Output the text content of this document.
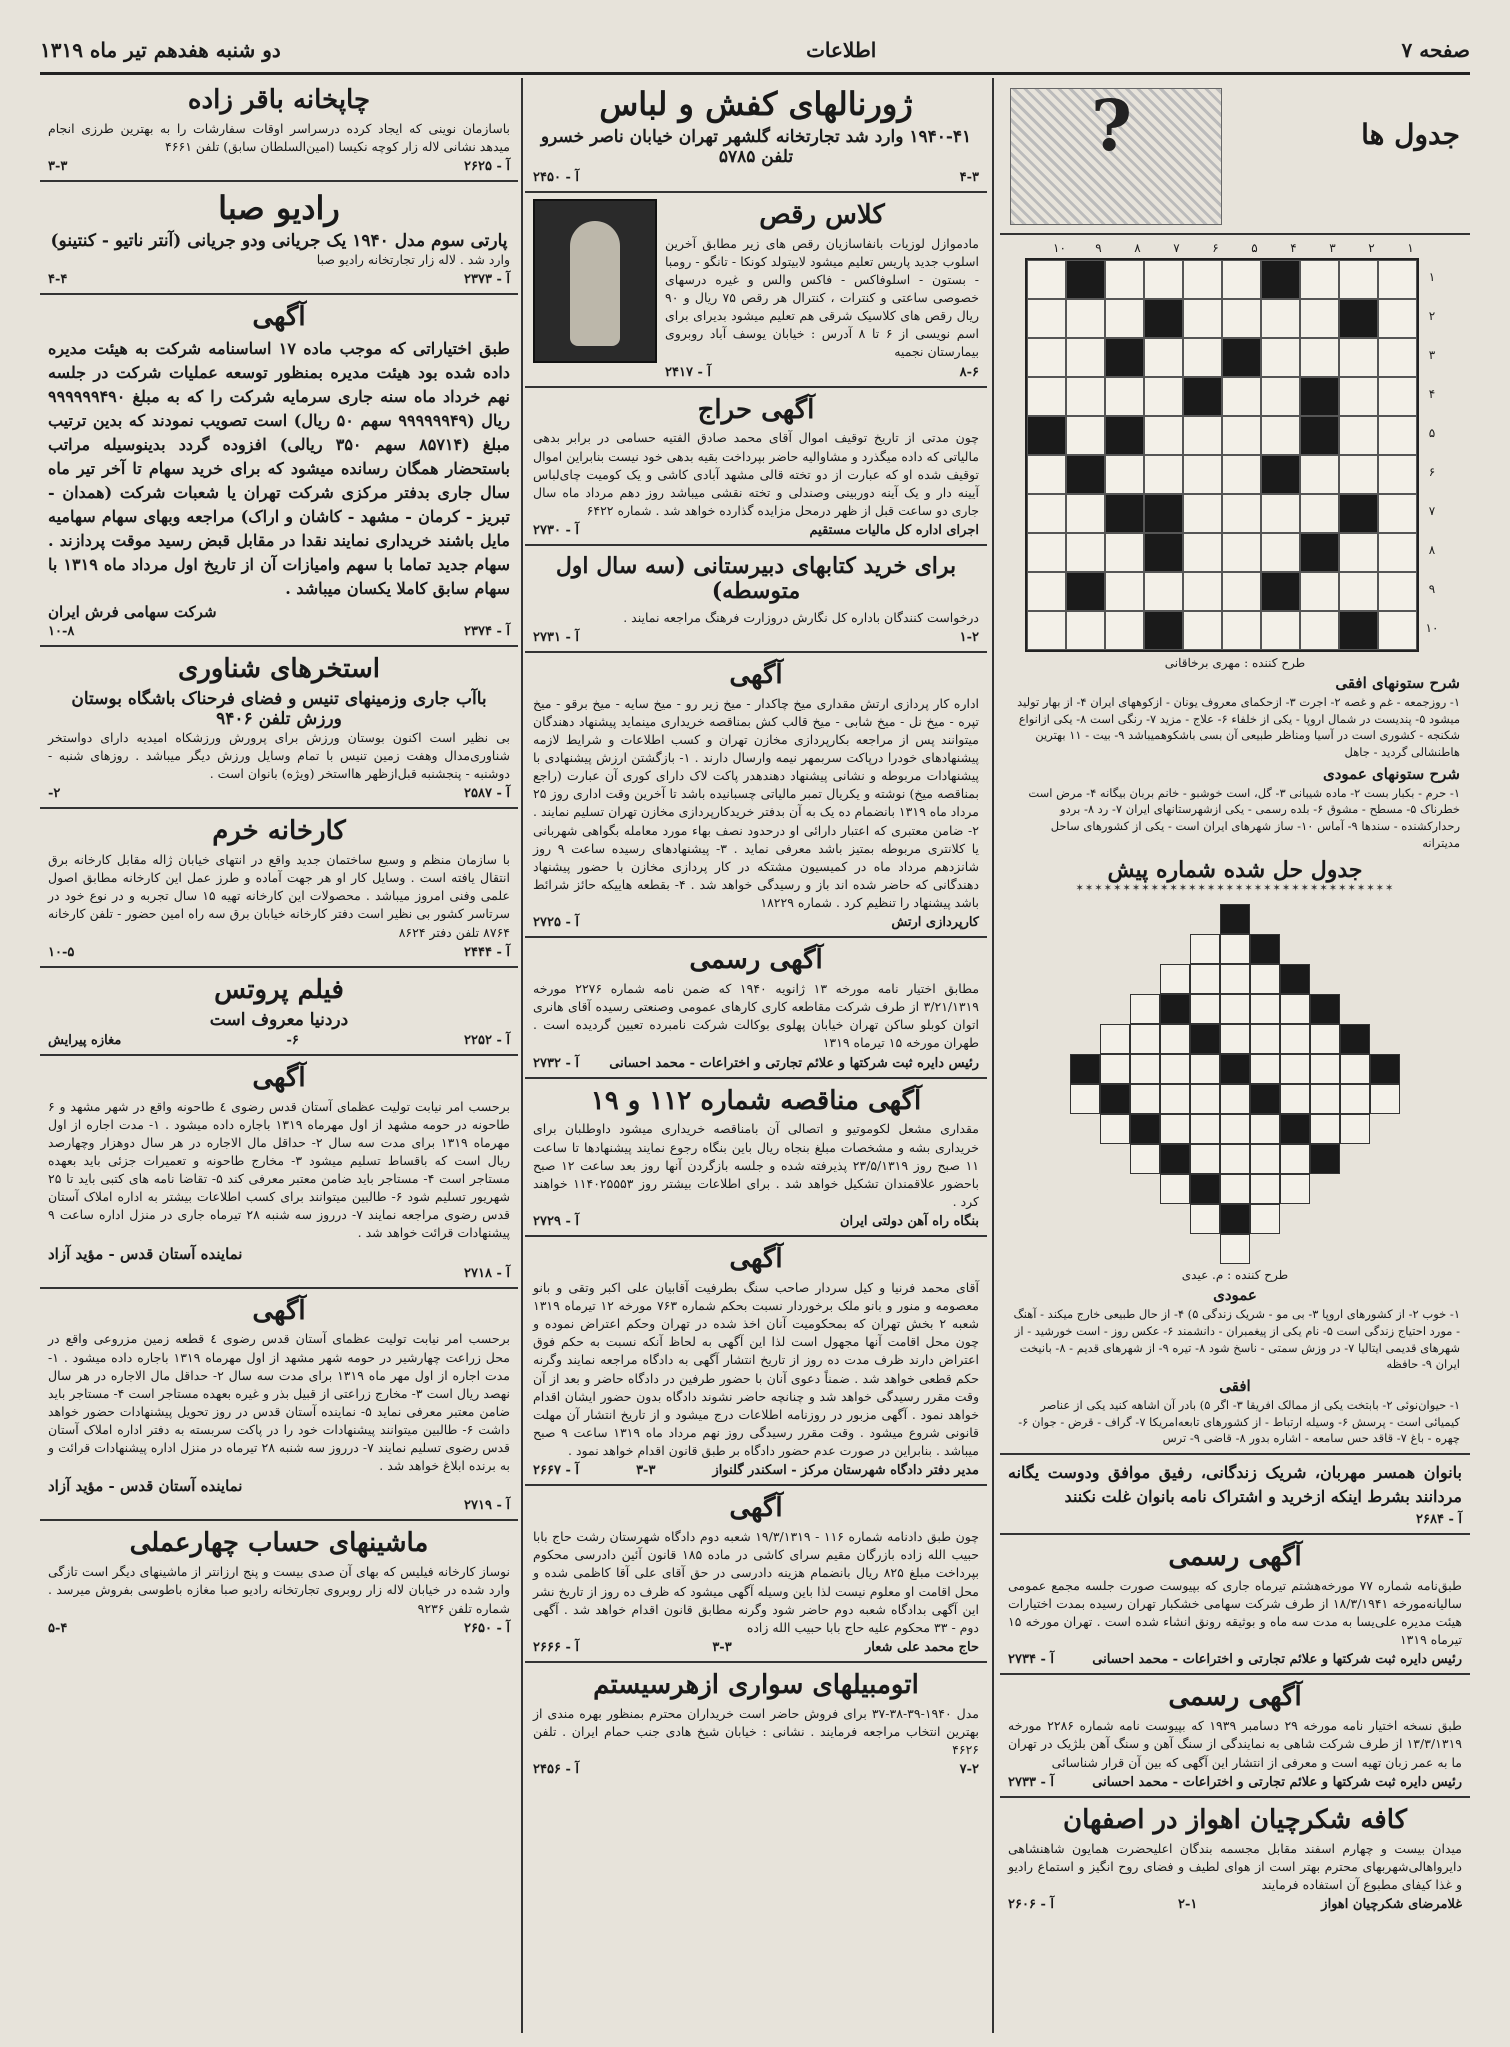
صفحه ۷
اطلاعات
دو شنبه هفدهم تیر ماه ۱۳۱۹
جدول ها
?
۱
۲
۳
۴
۵
۶
۷
۸
۹
۱۰
۱
۲
۳
۴
۵
۶
۷
۸
۹
۱۰
طرح کننده : مهری برخاقانی
شرح ستونهای افقی
۱- روزجمعه - غم و غصه ۲- اجرت ۳- ازحکمای معروف یونان - ازکوههای ایران ۴- از بهار تولید میشود ۵- پندیست در شمال اروپا - یکی از خلفاء ۶- علاج - مزید ۷- رنگی است ۸- یکی ازانواع شکنجه - کشوری است در آسیا ومناظر طبیعی آن بسی باشکوهمیباشد ۹- بیت - ۱۱ بهترین هاطنشالی گردید - جاهل
شرح ستونهای عمودی
۱- حرم - بکبار بست ۲- ماده شیبانی ۳- گل، است خوشبو - خانم بربان بیگانه ۴- مرض است خطرناک ۵- مسطح - مشوق ۶- بلده رسمی - یکی ازشهرستانهای ایران ۷- رد ۸- بردو رحدارکشنده - سندها ۹- آماس ۱۰- ساز شهرهای ایران است - یکی از کشورهای ساحل مدیترانه
جدول حل شده شماره پیش
✶✶✶✶✶✶✶✶✶✶✶✶✶✶✶✶✶✶✶✶✶✶✶✶✶✶✶✶✶✶✶✶✶✶
طرح کننده : م. عیدی
عمودی
۱- خوب ۲- از کشورهای اروپا ۳- بی مو - شریک زندگی ۵) ۴- از حال طبیعی خارج میکند - آهنگ - مورد احتیاج زندگی است ۵- نام یکی از پیغمبران - دانشمند ۶- عکس روز - است خورشید - از شهرهای قدیمی ایتالیا ۷- در وزش سمتی - ناسخ شود ۸- تیره ۹- از شهرهای قدیم - ۸- بانیخت ایران ۹- حافظه
افقی
۱- حیوان‌نوئی ۲- بابتخت یکی از ممالک افریقا ۳- اگر ۵) بادر آن اشاهه کنید یکی از عناصر کیمیائی است - پرسش ۶- وسیله ارتباط - از کشورهای تابعه‌امریکا ۷- گراف - قرض - جوان ۶- چهره - باغ ۷- قاقد حس سامعه - اشاره بدور ۸- قاضی ۹- ترس
بانوان همسر مهربان، شریک زندگانی، رفیق موافق ودوست یگانه مردانند بشرط اینکه ازخرید و اشتراک نامه بانوان غلت نکنند
آ - ۲۶۸۴
آگهی رسمی
طبق‌نامه شماره ۷۷ مورخه‌هشتم تیرماه جاری که بپیوست صورت جلسه مجمع عمومی سالیانه‌مورخه ۱۸/۳/۱۹۴۱ از طرف شرکت سهامی خشکبار تهران رسیده بمدت اختیارات هیئت مدیره علی‌یسا به مدت سه ماه و بوثیقه رونق انشاء شده است . تهران مورخه ۱۵ تیرماه ۱۳۱۹
رئیس دایره ثبت شرکتها و علائم تجارتی و اختراعات - محمد احسانی
آ - ۲۷۳۴
آگهی رسمی
طبق نسخه اختیار نامه مورخه ۲۹ دسامبر ۱۹۳۹ که بپیوست نامه شماره ۲۲۸۶ مورخه ۱۳/۳/۱۳۱۹ از طرف شرکت شاهی به نمایندگی از سنگ آهن و سنگ آهن بلژیک در تهران ما به عمر زبان تهیه است و معرفی از انتشار این آگهی که بین آن قرار شناسائی
رئیس دایره ثبت شرکتها و علائم تجارتی و اختراعات - محمد احسانی
آ - ۲۷۳۳
کافه شکرچیان اهواز در اصفهان
میدان بیست و چهارم اسفند مقابل مجسمه بندگان اعلیحضرت همایون شاهنشاهی دایرواهالی‌شهربهای محترم بهتر است از هوای لطیف و فضای روح انگیز و استماع رادیو و غذا کیفای مطبوع آن استفاده فرمایند
غلامرضای شکرچیان اهواز
۲-۱
آ - ۲۶۰۶
ژورنالهای کفش و لباس
۱۹۴۰-۴۱ وارد شد تجارتخانه گلشهر تهران خیابان ناصر خسرو تلفن ۵۷۸۵
۴-۳
آ - ۲۴۵۰
کلاس رقص
مادموازل لوزیات بانفاسازیان رقص های زیر مطابق آخرین اسلوب جدید پاریس تعلیم میشود لابیتولد کونکا - تانگو - رومبا - بستون - اسلوفاکس - فاکس والس و غیره درسهای خصوصی ساعتی و کنترات ، کنترال هر رقص ۷۵ ریال و ۹۰ ریال رقص های کلاسیک شرقی هم تعلیم میشود بدیرای برای اسم نویسی از ۶ تا ۸ آدرس : خیابان یوسف آباد روبروی بیمارستان نجمیه
۸-۶
آ - ۲۴۱۷
آگهی حراج
چون مدتی از تاریخ توقیف اموال آقای محمد صادق الفتیه حسامی در برابر بدهی مالیاتی که داده میگذرد و مشاوالیه حاضر بپرداخت بقیه بدهی خود نیست بنابراین اموال توقیف شده او که عبارت از دو تخته قالی مشهد آبادی کاشی و یک کومیت چای‌لباس آیینه دار و یک آینه دوربینی وصندلی و تخته نقشی میباشد روز دهم مرداد ماه سال جاری دو ساعت قبل از ظهر درمحل مزایده گذارده خواهد شد . شماره ۶۴۲۲
اجرای اداره کل مالیات مستقیم
آ - ۲۷۳۰
برای خرید کتابهای دبیرستانی (سه سال اول متوسطه)
درخواست کنندگان باداره کل نگارش دروزارت فرهنگ مراجعه نمایند .
۱-۲
آ - ۲۷۳۱
آگهی
اداره کار پردازی ارتش مقداری میخ چاکدار - میخ زیر رو - میخ سایه - میخ برقو - میخ تپره - میخ نل - میخ شابی - میخ قالب کش بمناقصه خریداری مینماید پیشنهاد دهندگان میتوانند پس از مراجعه بکارپردازی مخازن تهران و کسب اطلاعات و شرایط لازمه پیشنهادهای خودرا درپاکت سربمهر نیمه وارسال دارند . ۱- بازگشتن ارزش پیشنهادی با پیشنهادات مربوطه و نشانی پیشنهاد دهندهدر پاکت لاک دارای کوری آن عبارت (راجع بمناقصه میخ) نوشته و یکریال تمبر مالیاتی چسبانیده باشد تا آخرین وقت اداری روز ۲۵ مرداد ماه ۱۳۱۹ بانضمام ده یک به آن بدفتر خریدکارپردازی مخازن تهران تسلیم نمایند . ۲- ضامن معتبری که اعتبار دارائی او درحدود نصف بهاء مورد معامله بگواهی شهربانی یا کلانتری مربوطه بمتیز باشد معرفی نماید . ۳- پیشنهادهای رسیده ساعت ۹ روز شانزدهم مرداد ماه در کمیسیون مشتکه در کار پردازی مخازن با حضور پیشنهاد دهندگانی که حاضر شده اند باز و رسیدگی خواهد شد . ۴- بقطعه هاییکه حائز شرائط باشد پیشنهاد را تنظیم کرد . شماره ۱۸۲۲۹
کارپردازی ارتش
آ - ۲۷۲۵
آگهی رسمی
مطابق اختیار نامه مورخه ۱۳ ژانویه ۱۹۴۰ که ضمن نامه شماره ۲۲۷۶ مورخه ۳/۲۱/۱۳۱۹ از طرف شرکت مقاطعه کاری کارهای عمومی وصنعتی رسیده آقای هانری اتوان کوبلو ساکن تهران خیابان پهلوی بوکالت شرکت نامبرده تعیین گردیده است . طهران مورخه ۱۵ تیرماه ۱۳۱۹
رئیس دایره ثبت شرکتها و علائم تجارتی و اختراعات - محمد احسانی
آ - ۲۷۳۲
آگهی مناقصه شماره ۱۱۲ و ۱۹
مقداری مشعل لکوموتیو و اتصالی آن بامناقصه خریداری میشود داوطلبان برای خریداری بشه و مشخصات مبلغ بنجاه ریال باین بنگاه رجوع نمایند پیشنهادها تا ساعت ۱۱ صبح روز ۲۳/۵/۱۳۱۹ پذیرفته شده و جلسه بازگردن آنها روز بعد ساعت ۱۲ صبح باحضور علاقمندان تشکیل خواهد شد . برای اطلاعات بیشتر روز ۱۱۴۰۲۵۵۵۳ خواهند کرد .
بنگاه راه آهن دولتی ایران
آ - ۲۷۲۹
آگهی
آقای محمد فرنیا و کیل سردار صاحب سنگ بطرفیت آقابیان علی اکبر وتقی و بانو معصومه و منور و بانو ملک برخوردار نسبت بحکم شماره ۷۶۳ مورخه ۱۲ تیرماه ۱۳۱۹ شعبه ۲ بخش تهران که بمحکومیت آنان اخذ شده در تهران وحکم اعتراض نموده و چون محل اقامت آنها مجهول است لذا این آگهی به لحاظ آنکه نسبت به حکم فوق اعتراض دارند ظرف مدت ده روز از تاریخ انتشار آگهی به دادگاه مراجعه نمایند وگرنه حکم قطعی خواهد شد . ضمناً دعوی آنان با حضور طرفین در دادگاه حاضر و بعد از آن وقت مقرر رسیدگی خواهد شد و چنانچه حاضر نشوند دادگاه بدون حضور ایشان اقدام خواهد نمود . آگهی مزبور در روزنامه اطلاعات درج میشود و از تاریخ انتشار آن مهلت قانونی شروع میشود . وقت مقرر رسیدگی روز نهم مرداد ماه ۱۳۱۹ ساعت ۹ صبح میباشد . بنابراین در صورت عدم حضور دادگاه بر طبق قانون اقدام خواهد نمود .
مدیر دفتر دادگاه شهرستان مرکز - اسکندر گلنواز
۳-۳
آ - ۲۶۶۷
آگهی
چون طبق دادنامه شماره ۱۱۶ - ۱۹/۳/۱۳۱۹ شعبه دوم دادگاه شهرستان رشت حاج بابا حبیب الله زاده بازرگان مقیم سرای کاشی در ماده ۱۸۵ قانون آئین دادرسی محکوم بپرداخت مبلغ ۸۲۵ ریال بانضمام هزینه دادرسی در حق آقای علی آقا کاظمی شده و محل اقامت او معلوم نیست لذا باین وسیله آگهی میشود که ظرف ده روز از تاریخ نشر این آگهی بدادگاه شعبه دوم حاضر شود وگرنه مطابق قانون اقدام خواهد شد . آگهی دوم - ۳۳ محکوم علیه حاج بابا حبیب الله زاده
حاج محمد علی شعار
۳-۳
آ - ۲۶۶۶
اتومبیلهای سواری ازهرسیستم
مدل ۱۹۴۰-۳۹-۳۸-۳۷ برای فروش حاضر است خریداران محترم بمنظور بهره مندی از بهترین انتخاب مراجعه فرمایند . نشانی : خیابان شیخ هادی جنب حمام ایران . تلفن ۴۶۲۶
۷-۲
آ - ۲۴۵۶
چاپخانه باقر زاده
باسازمان نوینی که ایجاد کرده درسراسر اوقات سفارشات را به بهترین طرزی انجام میدهد نشانی لاله زار کوچه نکیسا (امین‌السلطان سابق) تلفن ۴۶۶۱
آ - ۲۶۲۵
۳-۳
رادیو صبا
پارتی سوم مدل ۱۹۴۰ یک جریانی ودو جریانی (آنتر ناتیو - کنتینو)
وارد شد . لاله زار تجارتخانه رادیو صبا
آ - ۲۳۷۳
۴-۴
آگهی
طبق اختیاراتی که موجب ماده ۱۷ اساسنامه شرکت به هیئت مدیره داده شده بود هیئت مدیره بمنظور توسعه عملیات شرکت در جلسه نهم خرداد ماه سنه جاری سرمایه شرکت را که به مبلغ ۹۹۹۹۹۹۴۹۰ ریال (۹۹۹۹۹۹۴۹ سهم ۵۰ ریال) است تصویب نمودند که بدین ترتیب مبلغ (۸۵۷۱۴ سهم ۳۵۰ ریالی) افزوده گردد بدینوسیله مراتب باستحضار همگان رسانده میشود که برای خرید سهام تا آخر تیر ماه سال جاری بدفتر مرکزی شرکت تهران یا شعبات شرکت (همدان - تبریز - کرمان - مشهد - کاشان و اراک) مراجعه وبهای سهام سهامیه مایل باشند خریداری نمایند نقدا در مقابل قبض رسید موقت پردازند . سهام جدید تماما با سهم وامیازات آن از تاریخ اول مرداد ماه ۱۳۱۹ با سهام سابق کاملا یکسان میباشد .
شرکت سهامی فرش ایران
آ - ۲۳۷۴
۱۰-۸
استخرهای شناوری
باآب جاری وزمینهای تنیس و فضای فرحناک باشگاه بوستان ورزش تلفن ۹۴۰۶
بی نظیر است اکنون بوستان ورزش برای پرورش ورزشکاه امیدیه دارای دواستخر شناوری‌مدال وهفت زمین تنیس با تمام وسایل ورزش دیگر میباشد . روزهای شنبه - دوشنبه - پنجشنبه قبل‌ازظهر هااستخر (ویژه) بانوان است .
آ - ۲۵۸۷
۲-
کارخانه خرم
با سازمان منظم و وسیع ساختمان جدید واقع در انتهای خیابان ژاله مقابل کارخانه برق انتقال یافته است . وسایل کار او هر جهت آماده و طرز عمل این کارخانه مطابق اصول علمی وفنی امروز میباشد . محصولات این کارخانه تهیه ۱۵ سال تجربه و در نوع خود در سرتاسر کشور بی نظیر است دفتر کارخانه خیابان برق سه راه امین حضور - تلفن کارخانه ۸۷۶۴ تلفن دفتر ۸۶۲۴
آ - ۲۴۴۴
۱۰-۵
فیلم پروتس
دردنیا معروف است
آ - ۲۲۵۲
۶-
مغازه پیرایش
آگهی
برحسب امر نیابت تولیت عظمای آستان قدس رضوی ٤ طاحونه واقع در شهر مشهد و ۶ طاحونه در حومه مشهد از اول مهرماه ۱۳۱۹ باجاره داده میشود . ۱- مدت اجاره از اول مهرماه ۱۳۱۹ برای مدت سه سال ۲- حداقل مال الاجاره در هر سال دوهزار وچهارصد ریال است که باقساط تسلیم میشود ۳- مخارج طاحونه و تعمیرات جزئی باید بعهده مستاجر است ۴- مستاجر باید ضامن معتبر معرفی کند ۵- تقاضا نامه های کتبی باید تا ۲۵ شهریور تسلیم شود ۶- طالبین میتوانند برای کسب اطلاعات بیشتر به اداره املاک آستان قدس رضوی مراجعه نمایند ۷- درروز سه شنبه ۲۸ تیرماه جاری در منزل اداره ساعت ۹ پیشنهادات قرائت خواهد شد .
نماینده آستان قدس - مؤید آزاد
آ - ۲۷۱۸
آگهی
برحسب امر نیابت تولیت عظمای آستان قدس رضوی ٤ قطعه زمین مزروعی واقع در محل زراعت چهارشیر در حومه شهر مشهد از اول مهرماه ۱۳۱۹ باجاره داده میشود . ۱- مدت اجاره از اول مهر ماه ۱۳۱۹ برای مدت سه سال ۲- حداقل مال الاجاره در هر سال نهصد ریال است ۳- مخارج زراعتی از قبیل بذر و غیره بعهده مستاجر است ۴- مستاجر باید ضامن معتبر معرفی نماید ۵- نماینده آستان قدس در روز تحویل پیشنهادات حضور خواهد داشت ۶- طالبین میتوانند پیشنهادات خود را در پاکت سربسته به دفتر اداره املاک آستان قدس رضوی تسلیم نمایند ۷- درروز سه شنبه ۲۸ تیرماه در منزل اداره پیشنهادات قرائت و به برنده ابلاغ خواهد شد .
نماینده آستان قدس - مؤید آزاد
آ - ۲۷۱۹
ماشینهای حساب چهارعملی
نوساز کارخانه فیلیس که بهای آن صدی بیست و پنج ارزانتر از ماشینهای دیگر است تازگی وارد شده در خیابان لاله زار روبروی تجارتخانه رادیو صبا مغازه باطوسی بفروش میرسد . شماره تلفن ۹۲۳۶
آ - ۲۶۵۰
۵-۴
